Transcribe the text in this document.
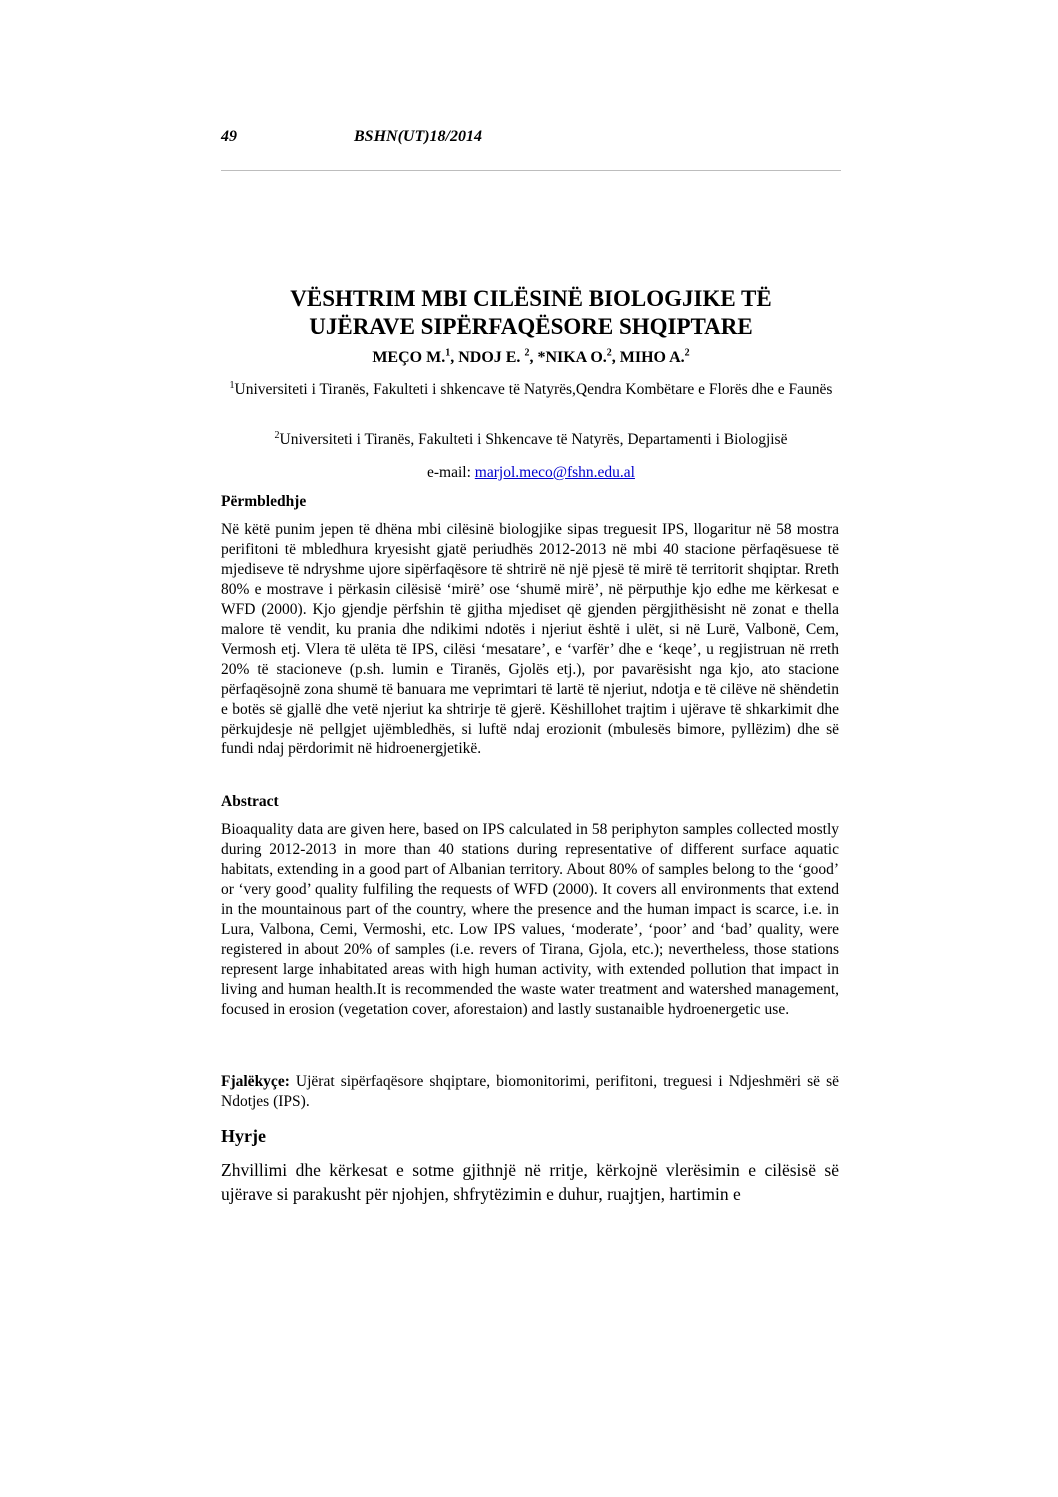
49	BSHN(UT)18/2014
VËSHTRIM MBI CILËSINË BIOLOGJIKE TË
UJËRAVE SIPËRFAQËSORE SHQIPTARE
MEÇO M.$^1$, NDOJ E. $^2$, *NIKA O.$^2$, MIHO A.$^2$
$^1$Universiteti i Tiranës, Fakulteti i shkencave të Natyrës,Qendra Kombëtare e Florës dhe e Faunës
$^2$Universiteti i Tiranës, Fakulteti i Shkencave të Natyrës, Departamenti i Biologjisë
e-mail: marjol.meco@fshn.edu.al
Përmbledhje
Në këtë punim jepen të dhëna mbi cilësinë biologjike sipas treguesit IPS, llogaritur në 58 mostra perifitoni të mbledhura kryesisht gjatë periudhës 2012-2013 në mbi 40 stacione përfaqësuese të mjediseve të ndryshme ujore sipërfaqësore të shtrirë në një pjesë të mirë të territorit shqiptar. Rreth 80% e mostrave i përkasin cilësisë ‘mirë’ ose ‘shumë mirë’, në përputhje kjo edhe me kërkesat e WFD (2000). Kjo gjendje përfshin të gjitha mjediset që gjenden përgjithësisht në zonat e thella malore të vendit, ku prania dhe ndikimi ndotës i njeriut është i ulët, si në Lurë, Valbonë, Cem, Vermosh etj. Vlera të ulëta të IPS, cilësi ‘mesatare’, e ‘varfër’ dhe e ‘keqe’, u regjistruan në rreth 20% të stacioneve (p.sh. lumin e Tiranës, Gjolës etj.), por pavarësisht nga kjo, ato stacione përfaqësojnë zona shumë të banuara me veprimtari të lartë të njeriut, ndotja e të cilëve në shëndetin e botës së gjallë dhe vetë njeriut ka shtrirje të gjerë. Këshillohet trajtim i ujërave të shkarkimit dhe përkujdesje në pellgjet ujëmbledhës, si luftë ndaj erozionit (mbulesës bimore, pyllëzim) dhe së fundi ndaj përdorimit në hidroenergjetikë.
Abstract
Bioaquality data are given here, based on IPS calculated in 58 periphyton samples collected mostly during 2012-2013 in more than 40 stations during representative of different surface aquatic habitats, extending in a good part of Albanian territory. About 80% of samples belong to the ‘good’ or ‘very good’ quality fulfiling the requests of WFD (2000). It covers all environments that extend in the mountainous part of the country, where the presence and the human impact is scarce, i.e. in Lura, Valbona, Cemi, Vermoshi, etc. Low IPS values, ‘moderate’, ‘poor’ and ‘bad’ quality, were registered in about 20% of samples (i.e. revers of Tirana, Gjola, etc.); nevertheless, those stations represent large inhabitated areas with high human activity, with extended pollution that impact in living and human health.It is recommended the waste water treatment and watershed management, focused in erosion (vegetation cover, aforestaion) and lastly sustanaible hydroenergetic use.
Fjalëkyçe: Ujërat sipërfaqësore shqiptare, biomonitorimi, perifitoni, treguesi i Ndjeshmëri së së Ndotjes (IPS).
Hyrje
Zhvillimi dhe kërkesat e sotme gjithnjë në rritje, kërkojnë vlerësimin e cilësisë së ujërave si parakusht për njohjen, shfrytëzimin e duhur, ruajtjen, hartimin e
